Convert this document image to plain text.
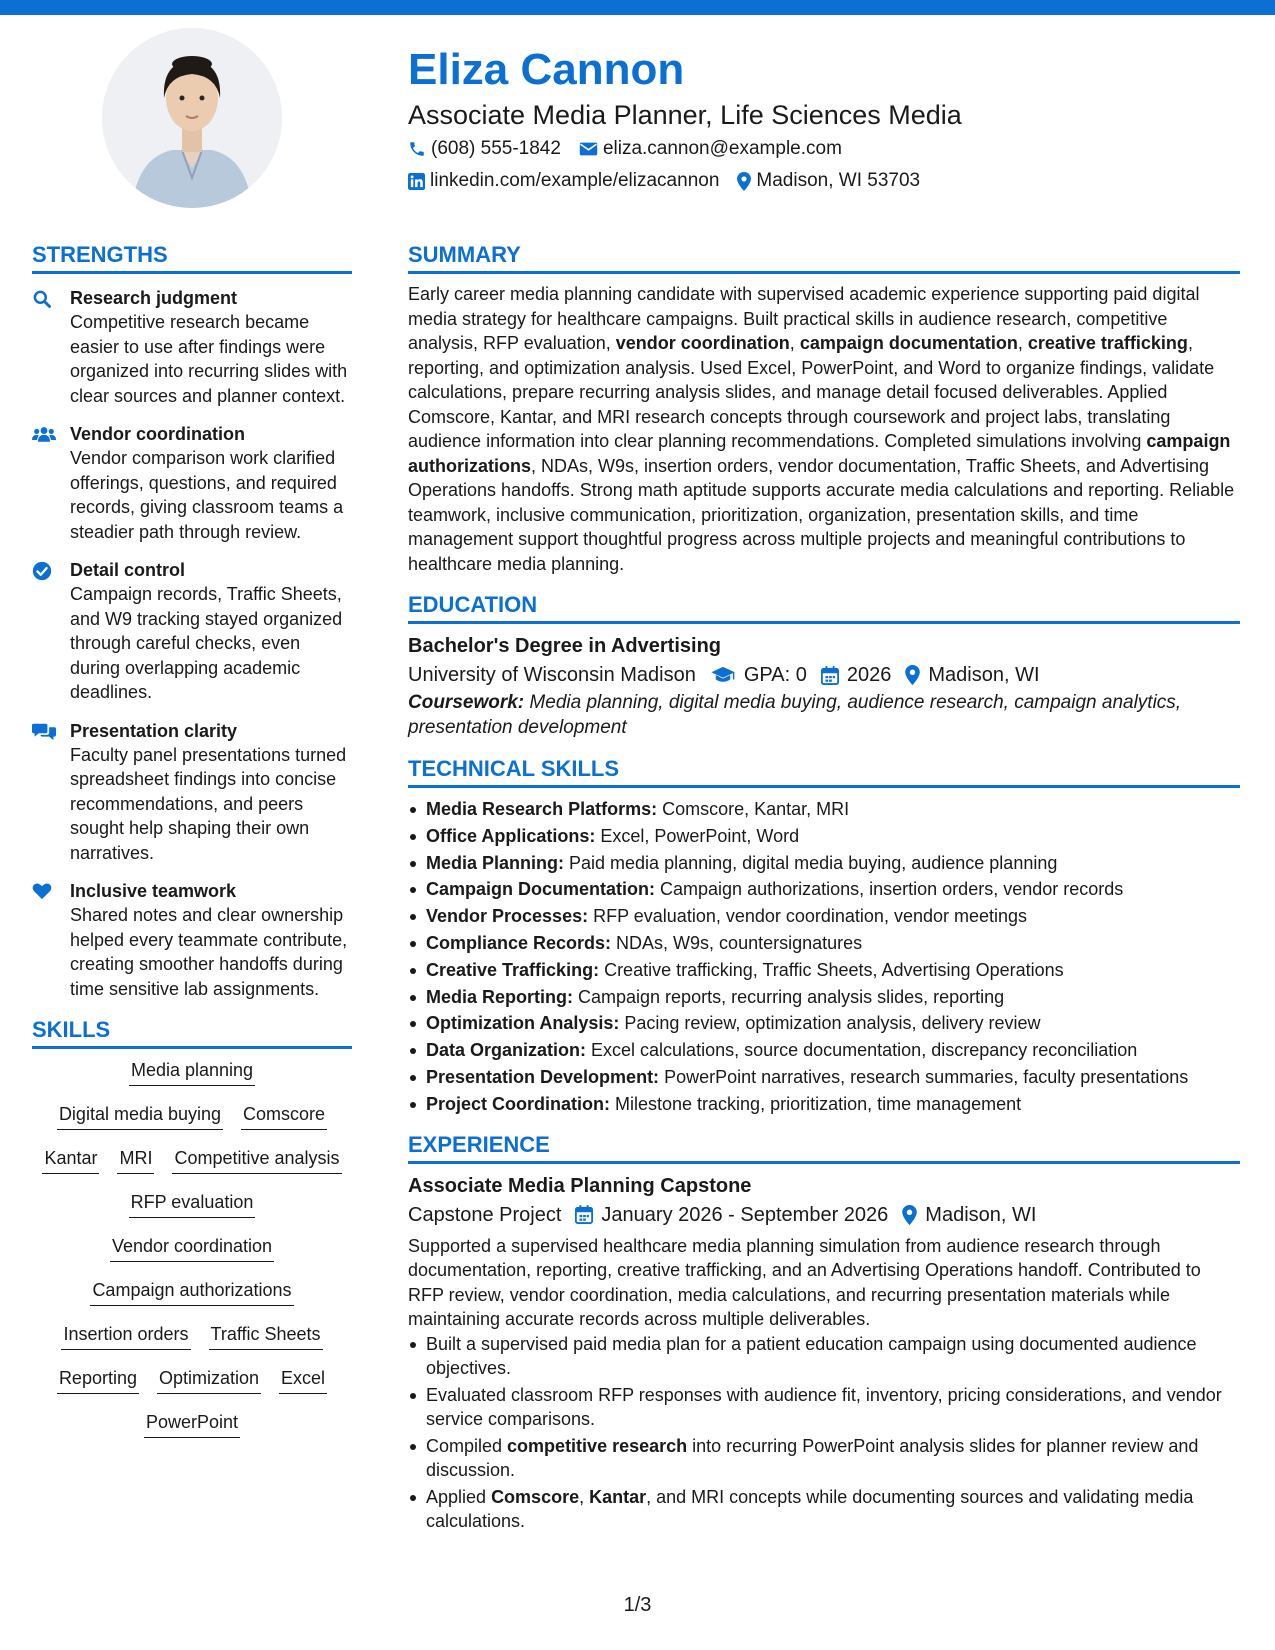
Eliza Cannon
Associate Media Planner, Life Sciences Media
(608) 555-1842 eliza.cannon@example.com
linkedin.com/example/elizacannon Madison, WI 53703
STRENGTHS
Research judgment
Competitive research became easier to use after findings were organized into recurring slides with clear sources and planner context.
Vendor coordination
Vendor comparison work clarified offerings, questions, and required records, giving classroom teams a steadier path through review.
Detail control
Campaign records, Traffic Sheets, and W9 tracking stayed organized through careful checks, even during overlapping academic deadlines.
Presentation clarity
Faculty panel presentations turned spreadsheet findings into concise recommendations, and peers sought help shaping their own narratives.
Inclusive teamwork
Shared notes and clear ownership helped every teammate contribute, creating smoother handoffs during time sensitive lab assignments.
SKILLS
Media planning
Digital media buying Comscore
Kantar MRI Competitive analysis
RFP evaluation
Vendor coordination
Campaign authorizations
Insertion orders Traffic Sheets
Reporting Optimization Excel
PowerPoint
SUMMARY

Early career media planning candidate with supervised academic experience supporting paid digital media strategy for healthcare campaigns. Built practical skills in audience research, competitive analysis, RFP evaluation, vendor coordination, campaign documentation, creative trafficking, reporting, and optimization analysis. Used Excel, PowerPoint, and Word to organize findings, validate calculations, prepare recurring analysis slides, and manage detail focused deliverables. Applied Comscore, Kantar, and MRI research concepts through coursework and project labs, translating audience information into clear planning recommendations. Completed simulations involving campaign authorizations, NDAs, W9s, insertion orders, vendor documentation, Traffic Sheets, and Advertising Operations handoffs. Strong math aptitude supports accurate media calculations and reporting. Reliable teamwork, inclusive communication, prioritization, organization, presentation skills, and time management support thoughtful progress across multiple projects and meaningful contributions to healthcare media planning.

EDUCATION
Bachelor's Degree in Advertising
University of Wisconsin Madison GPA: 0 2026 Madison, WI
Coursework: Media planning, digital media buying, audience research, campaign analytics, presentation development
TECHNICAL SKILLS
Media Research Platforms: Comscore, Kantar, MRI
Office Applications: Excel, PowerPoint, Word
Media Planning: Paid media planning, digital media buying, audience planning
Campaign Documentation: Campaign authorizations, insertion orders, vendor records
Vendor Processes: RFP evaluation, vendor coordination, vendor meetings
Compliance Records: NDAs, W9s, countersignatures
Creative Trafficking: Creative trafficking, Traffic Sheets, Advertising Operations
Media Reporting: Campaign reports, recurring analysis slides, reporting
Optimization Analysis: Pacing review, optimization analysis, delivery review
Data Organization: Excel calculations, source documentation, discrepancy reconciliation
Presentation Development: PowerPoint narratives, research summaries, faculty presentations
Project Coordination: Milestone tracking, prioritization, time management
EXPERIENCE
Associate Media Planning Capstone
Capstone Project January 2026 - September 2026 Madison, WI

Supported a supervised healthcare media planning simulation from audience research through documentation, reporting, creative trafficking, and an Advertising Operations handoff. Contributed to RFP review, vendor coordination, media calculations, and recurring presentation materials while maintaining accurate records across multiple deliverables.

Built a supervised paid media plan for a patient education campaign using documented audience objectives.
Evaluated classroom RFP responses with audience fit, inventory, pricing considerations, and vendor service comparisons.
Compiled competitive research into recurring PowerPoint analysis slides for planner review and discussion.
Applied Comscore, Kantar, and MRI concepts while documenting sources and validating media calculations.
1/3
